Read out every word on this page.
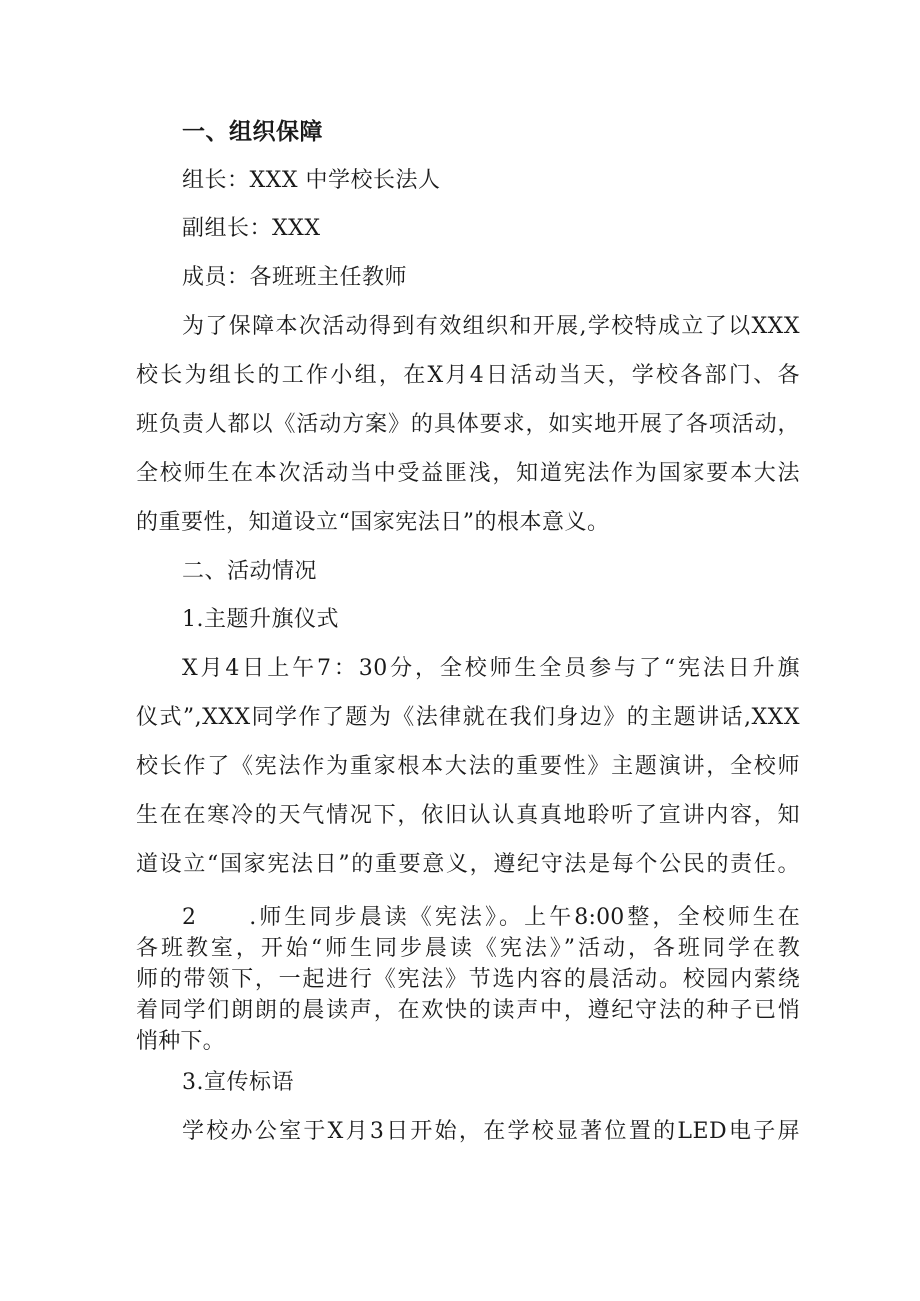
一、组织保障
组长：XXX 中学校长法人
副组长：XXX
成员：各班班主任教师
为了保障本次活动得到有效组织和开展,学校特成立了以XXX
校长为组长的工作小组，在X月4日活动当天，学校各部门、各
班负责人都以《活动方案》的具体要求，如实地开展了各项活动，
全校师生在本次活动当中受益匪浅，知道宪法作为国家要本大法
的重要性，知道设立“国家宪法日”的根本意义。
二、活动情况
1.主题升旗仪式
X月4日上午7：30分，全校师生全员参与了“宪法日升旗
仪式”,XXX同学作了题为《法律就在我们身边》的主题讲话,XXX
校长作了《宪法作为重家根本大法的重要性》主题演讲，全校师
生在在寒冷的天气情况下，依旧认认真真地聆听了宣讲内容，知
道设立“国家宪法日”的重要意义，遵纪守法是每个公民的责任。
2　　.师生同步晨读《宪法》。上午8:00整，全校师生在
各班教室，开始“师生同步晨读《宪法》”活动，各班同学在教
师的带领下，一起进行《宪法》节选内容的晨活动。校园内萦绕
着同学们朗朗的晨读声，在欢快的读声中，遵纪守法的种子已悄
悄种下。
3.宣传标语
学校办公室于X月3日开始，在学校显著位置的LED电子屏
